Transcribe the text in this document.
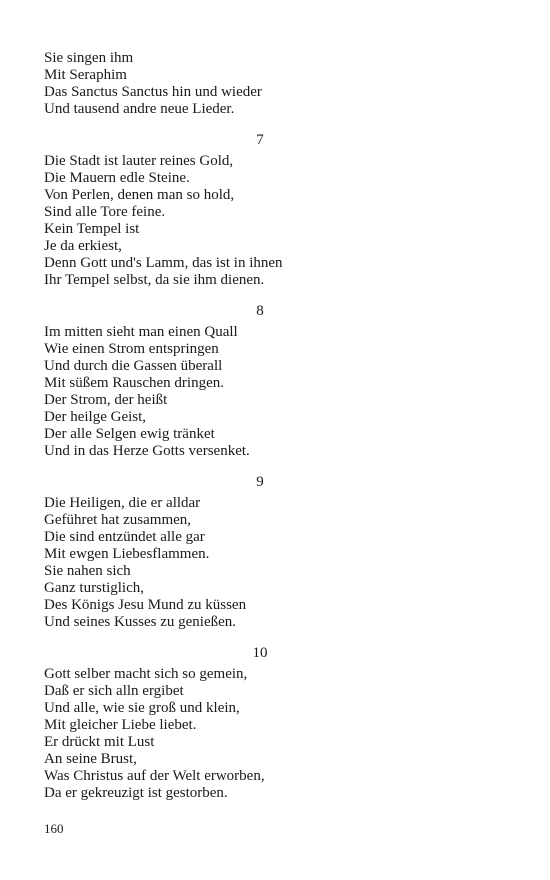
Sie singen ihm
Mit Seraphim
Das Sanctus Sanctus hin und wieder
Und tausend andre neue Lieder.
7
Die Stadt ist lauter reines Gold,
Die Mauern edle Steine.
Von Perlen, denen man so hold,
Sind alle Tore feine.
Kein Tempel ist
Je da erkiest,
Denn Gott und's Lamm, das ist in ihnen
Ihr Tempel selbst, da sie ihm dienen.
8
Im mitten sieht man einen Quall
Wie einen Strom entspringen
Und durch die Gassen überall
Mit süßem Rauschen dringen.
Der Strom, der heißt
Der heilge Geist,
Der alle Selgen ewig tränket
Und in das Herze Gotts versenket.
9
Die Heiligen, die er alldar
Geführet hat zusammen,
Die sind entzündet alle gar
Mit ewgen Liebesflammen.
Sie nahen sich
Ganz turstiglich,
Des Königs Jesu Mund zu küssen
Und seines Kusses zu genießen.
10
Gott selber macht sich so gemein,
Daß er sich alln ergibet
Und alle, wie sie groß und klein,
Mit gleicher Liebe liebet.
Er drückt mit Lust
An seine Brust,
Was Christus auf der Welt erworben,
Da er gekreuzigt ist gestorben.
160
